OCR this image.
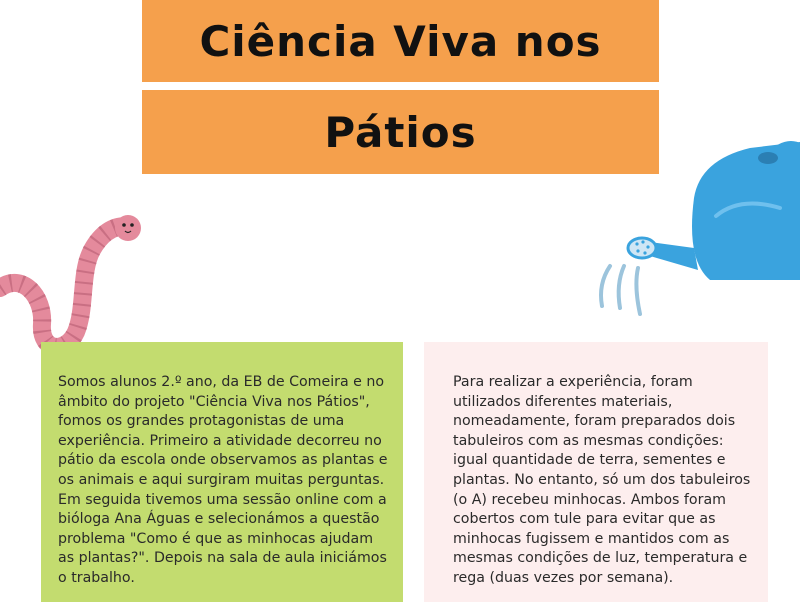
Ciência Viva nos
Pátios

Somos alunos 2.º ano, da EB de Comeira e no âmbito do projeto "Ciência Viva nos Pátios", fomos os grandes protagonistas de uma experiência. Primeiro a atividade decorreu no pátio da escola onde observamos as plantas e os animais e aqui surgiram muitas perguntas. Em seguida tivemos uma sessão online com a bióloga Ana Águas e selecionámos a questão problema "Como é que as minhocas ajudam as plantas?". Depois na sala de aula iniciámos o trabalho.

Para realizar a experiência, foram utilizados diferentes materiais, nomeadamente, foram preparados dois tabuleiros com as mesmas condições: igual quantidade de terra, sementes e plantas. No entanto, só um dos tabuleiros (o A) recebeu minhocas. Ambos foram cobertos com tule para evitar que as minhocas fugissem e mantidos com as mesmas condições de luz, temperatura e rega (duas vezes por semana).
